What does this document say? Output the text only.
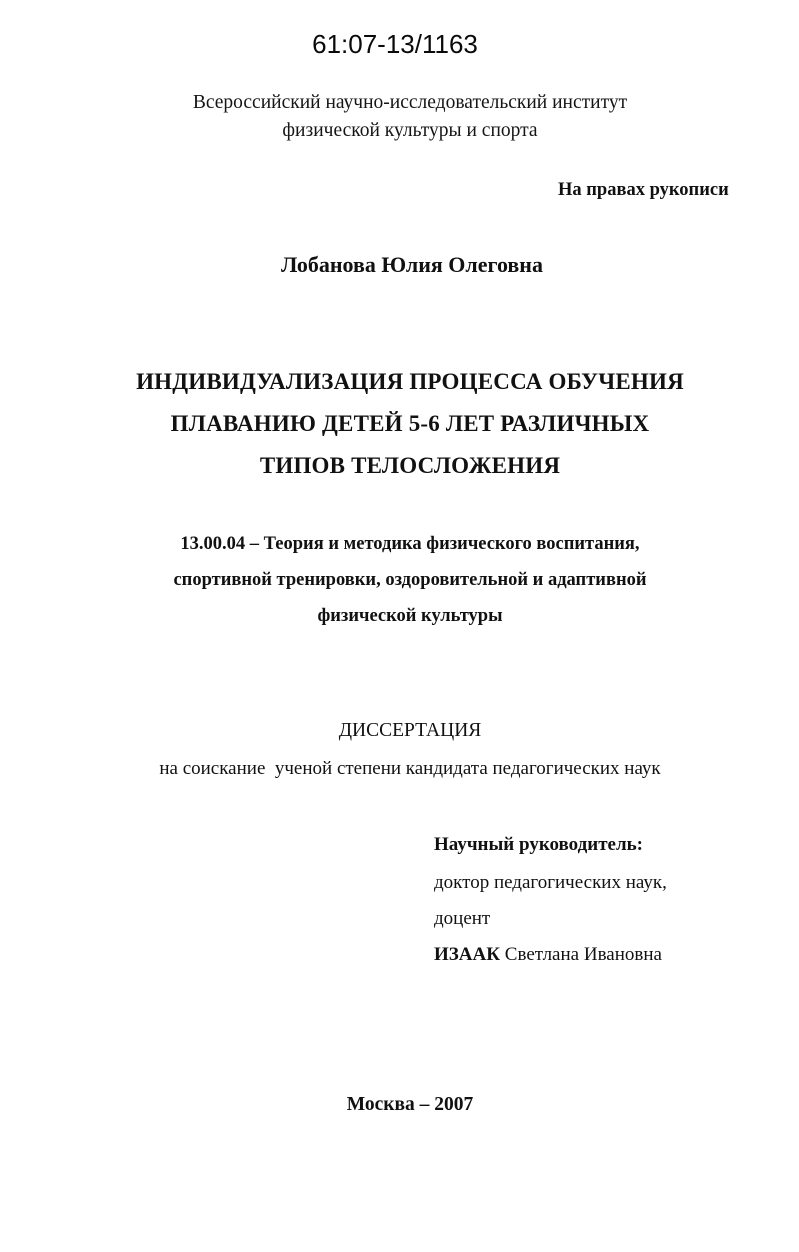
61:07-13/1163
Всероссийский научно-исследовательский институт
физической культуры и спорта
На правах рукописи
Лобанова Юлия Олеговна
ИНДИВИДУАЛИЗАЦИЯ ПРОЦЕССА ОБУЧЕНИЯ
ПЛАВАНИЮ ДЕТЕЙ 5-6 ЛЕТ РАЗЛИЧНЫХ
ТИПОВ ТЕЛОСЛОЖЕНИЯ
13.00.04 – Теория и методика физического воспитания,
спортивной тренировки, оздоровительной и адаптивной
физической культуры
ДИССЕРТАЦИЯ
на соискание  ученой степени кандидата педагогических наук
Научный руководитель:
доктор педагогических наук,
доцент
ИЗААК Светлана Ивановна
Москва – 2007
